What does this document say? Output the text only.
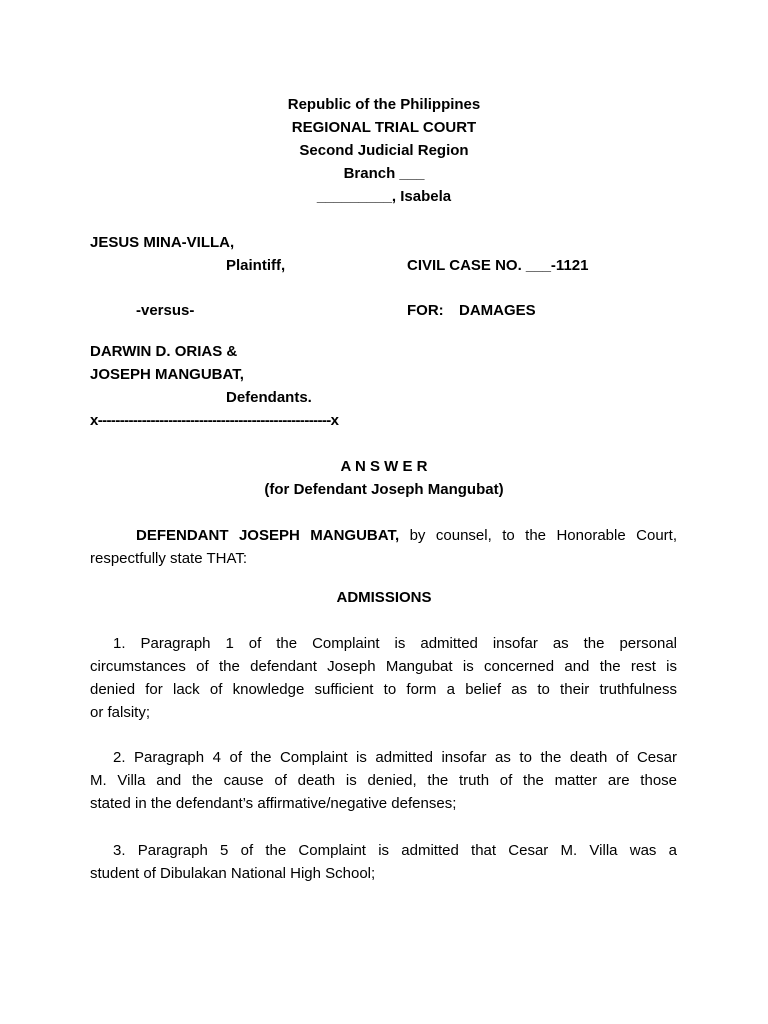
Republic of the Philippines
REGIONAL TRIAL COURT
Second Judicial Region
Branch ___
_________, Isabela
JESUS MINA-VILLA,
Plaintiff,	CIVIL CASE NO. ___-1121
-versus-	FOR: DAMAGES
DARWIN D. ORIAS &
JOSEPH MANGUBAT,
Defendants.
x-----------------------------------------------------x
A N S W E R
(for Defendant Joseph Mangubat)
DEFENDANT JOSEPH MANGUBAT, by counsel, to the Honorable Court,
respectfully state THAT:
ADMISSIONS
1. Paragraph 1 of the Complaint is admitted insofar as the personal
circumstances of the defendant Joseph Mangubat is concerned and the rest is
denied for lack of knowledge sufficient to form a belief as to their truthfulness
or falsity;
2. Paragraph 4 of the Complaint is admitted insofar as to the death of Cesar
M. Villa and the cause of death is denied, the truth of the matter are those
stated in the defendant’s affirmative/negative defenses;
3. Paragraph 5 of the Complaint is admitted that Cesar M. Villa was a
student of Dibulakan National High School;
